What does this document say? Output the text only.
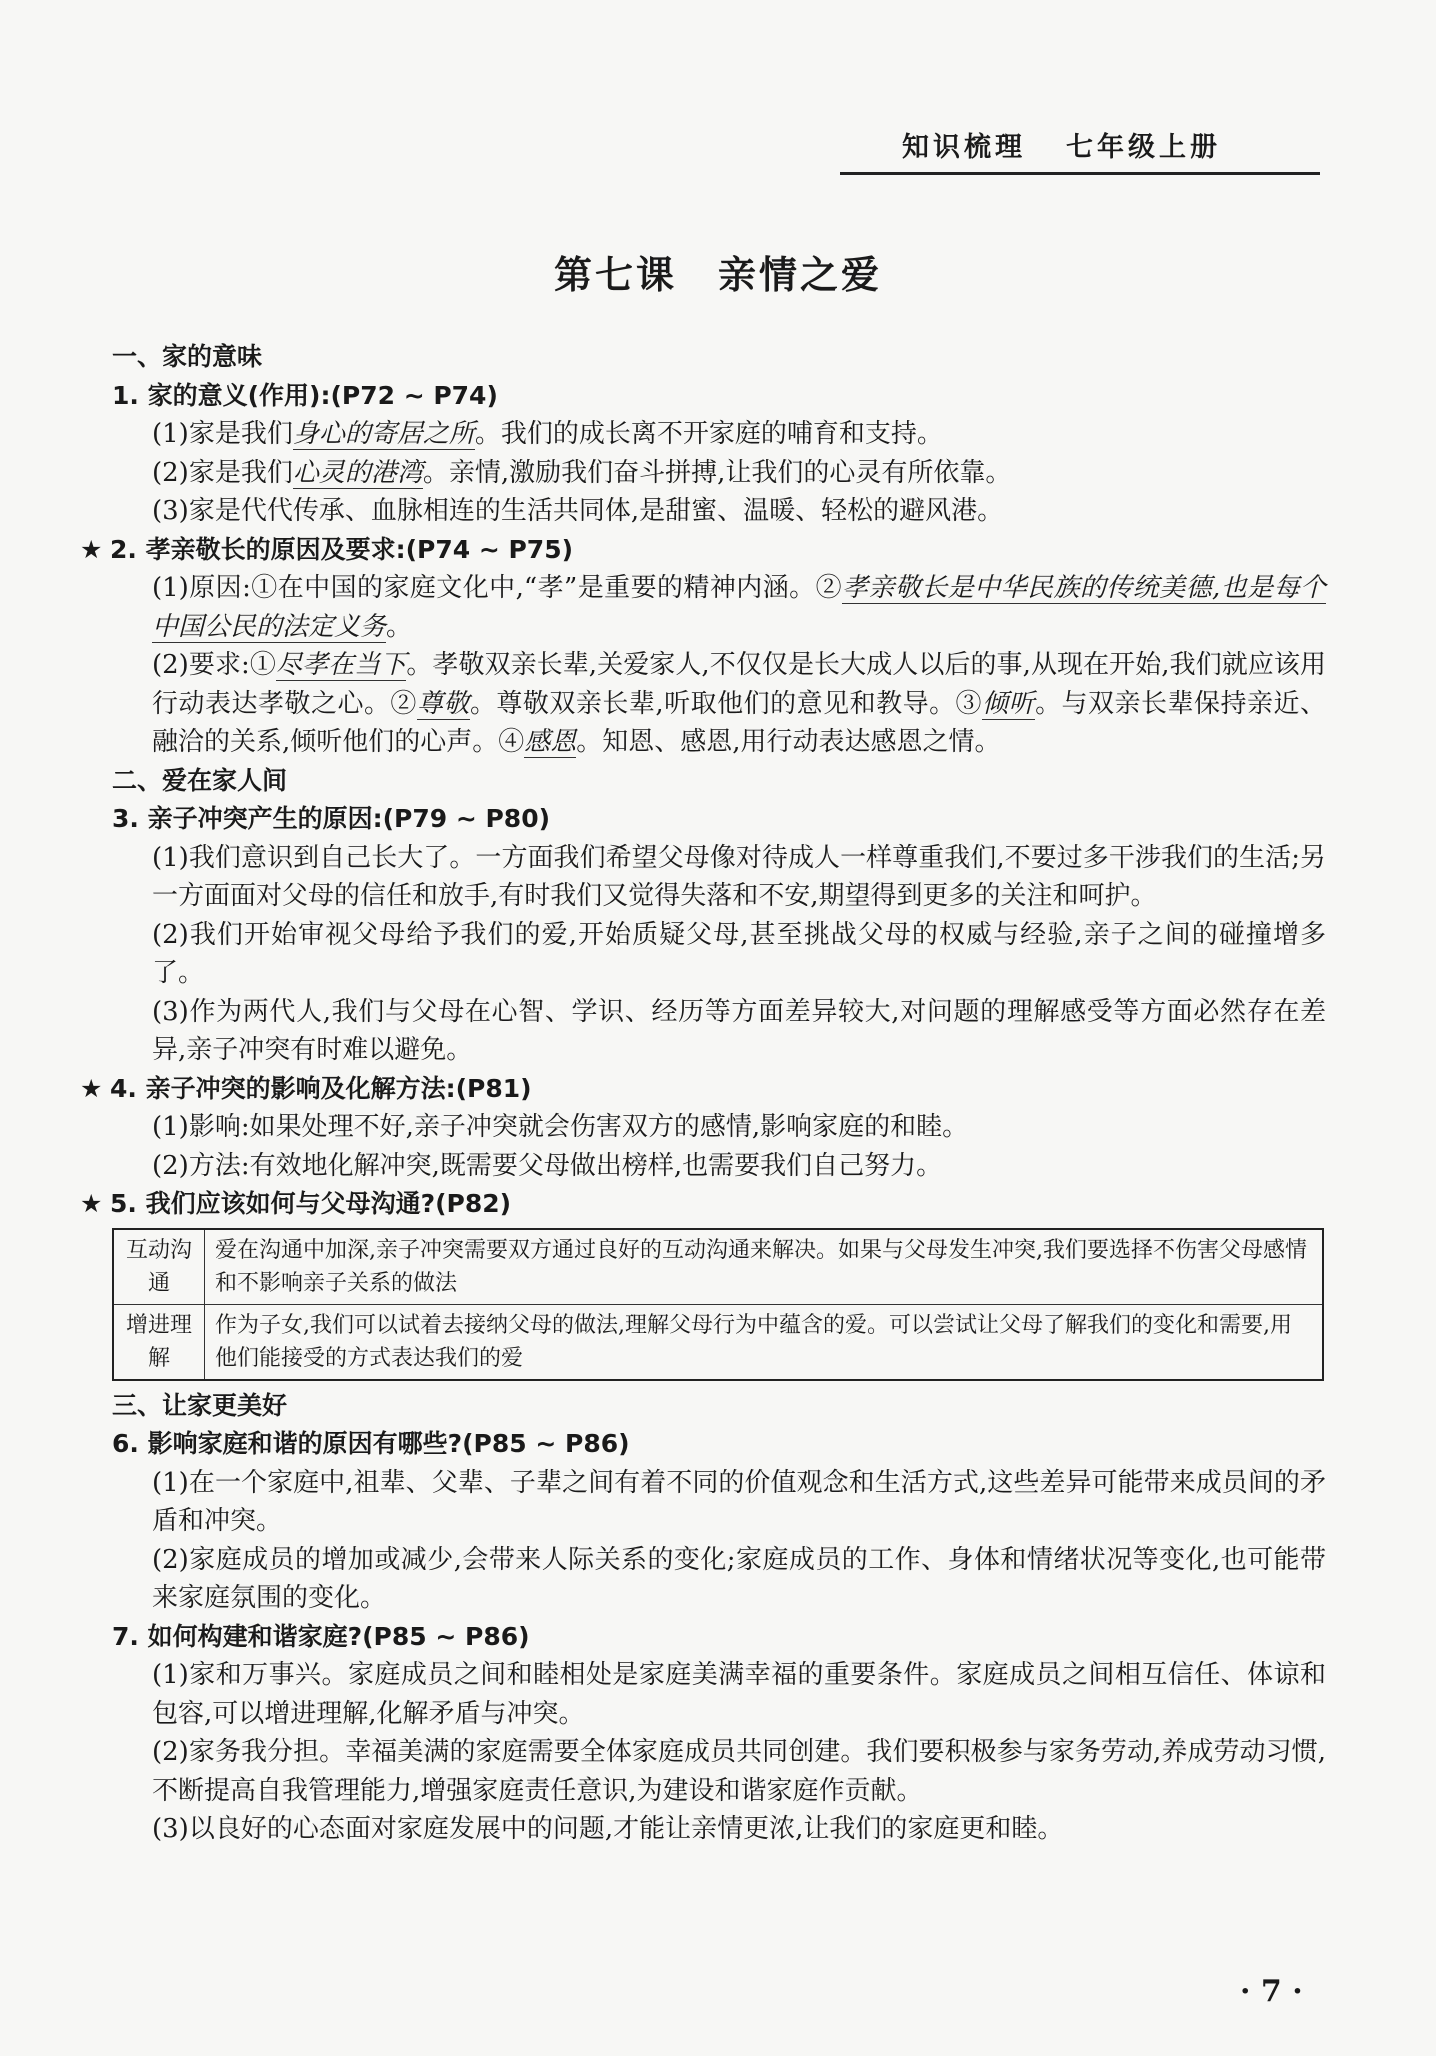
知识梳理 七年级上册
第七课　亲情之爱
一、家的意味
1. 家的意义(作用):(P72 ~ P74)
(1)家是我们身心的寄居之所。我们的成长离不开家庭的哺育和支持。
(2)家是我们心灵的港湾。亲情,激励我们奋斗拼搏,让我们的心灵有所依靠。
(3)家是代代传承、血脉相连的生活共同体,是甜蜜、温暖、轻松的避风港。
★ 2. 孝亲敬长的原因及要求:(P74 ~ P75)
(1)原因:①在中国的家庭文化中,“孝”是重要的精神内涵。②孝亲敬长是中华民族的传统美德,也是每个中国公民的法定义务。
(2)要求:①尽孝在当下。孝敬双亲长辈,关爱家人,不仅仅是长大成人以后的事,从现在开始,我们就应该用行动表达孝敬之心。②尊敬。尊敬双亲长辈,听取他们的意见和教导。③倾听。与双亲长辈保持亲近、融洽的关系,倾听他们的心声。④感恩。知恩、感恩,用行动表达感恩之情。
二、爱在家人间
3. 亲子冲突产生的原因:(P79 ~ P80)
(1)我们意识到自己长大了。一方面我们希望父母像对待成人一样尊重我们,不要过多干涉我们的生活;另一方面面对父母的信任和放手,有时我们又觉得失落和不安,期望得到更多的关注和呵护。
(2)我们开始审视父母给予我们的爱,开始质疑父母,甚至挑战父母的权威与经验,亲子之间的碰撞增多了。
(3)作为两代人,我们与父母在心智、学识、经历等方面差异较大,对问题的理解感受等方面必然存在差异,亲子冲突有时难以避免。
★ 4. 亲子冲突的影响及化解方法:(P81)
(1)影响:如果处理不好,亲子冲突就会伤害双方的感情,影响家庭的和睦。
(2)方法:有效地化解冲突,既需要父母做出榜样,也需要我们自己努力。
★ 5. 我们应该如何与父母沟通?(P82)
互动沟通	爱在沟通中加深,亲子冲突需要双方通过良好的互动沟通来解决。如果与父母发生冲突,我们要选择不伤害父母感情和不影响亲子关系的做法
增进理解	作为子女,我们可以试着去接纳父母的做法,理解父母行为中蕴含的爱。可以尝试让父母了解我们的变化和需要,用他们能接受的方式表达我们的爱
三、让家更美好
6. 影响家庭和谐的原因有哪些?(P85 ~ P86)
(1)在一个家庭中,祖辈、父辈、子辈之间有着不同的价值观念和生活方式,这些差异可能带来成员间的矛盾和冲突。
(2)家庭成员的增加或减少,会带来人际关系的变化;家庭成员的工作、身体和情绪状况等变化,也可能带来家庭氛围的变化。
7. 如何构建和谐家庭?(P85 ~ P86)
(1)家和万事兴。家庭成员之间和睦相处是家庭美满幸福的重要条件。家庭成员之间相互信任、体谅和包容,可以增进理解,化解矛盾与冲突。
(2)家务我分担。幸福美满的家庭需要全体家庭成员共同创建。我们要积极参与家务劳动,养成劳动习惯,不断提高自我管理能力,增强家庭责任意识,为建设和谐家庭作贡献。
(3)以良好的心态面对家庭发展中的问题,才能让亲情更浓,让我们的家庭更和睦。
· 7 ·
